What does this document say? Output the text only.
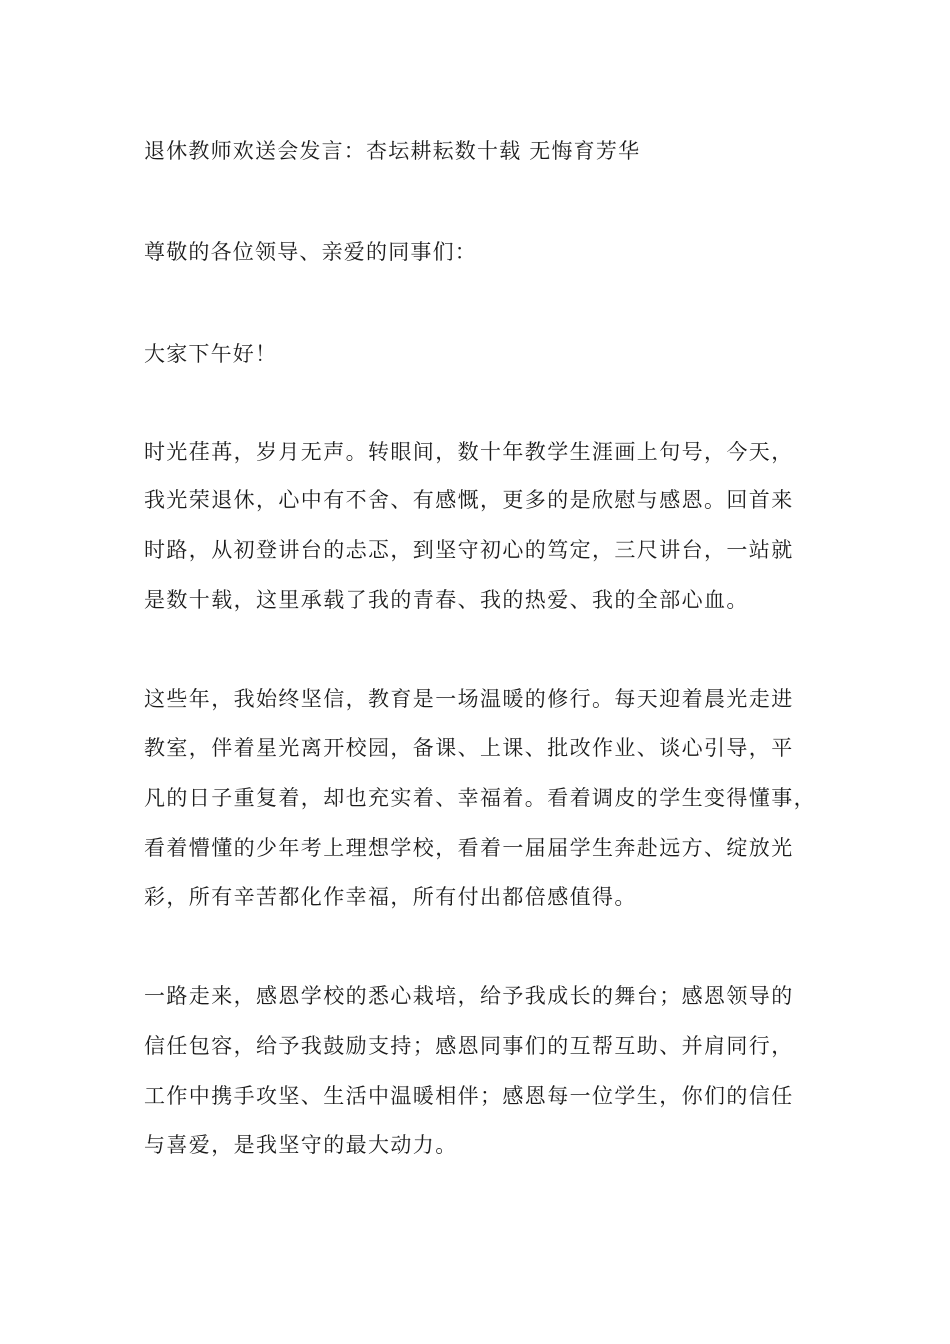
退休教师欢送会发言：杏坛耕耘数十载 无悔育芳华
尊敬的各位领导、亲爱的同事们：
大家下午好！
时光荏苒，岁月无声。转眼间，数十年教学生涯画上句号，今天，
我光荣退休，心中有不舍、有感慨，更多的是欣慰与感恩。回首来
时路，从初登讲台的忐忑，到坚守初心的笃定，三尺讲台，一站就
是数十载，这里承载了我的青春、我的热爱、我的全部心血。
这些年，我始终坚信，教育是一场温暖的修行。每天迎着晨光走进
教室，伴着星光离开校园，备课、上课、批改作业、谈心引导，平
凡的日子重复着，却也充实着、幸福着。看着调皮的学生变得懂事，
看着懵懂的少年考上理想学校，看着一届届学生奔赴远方、绽放光
彩，所有辛苦都化作幸福，所有付出都倍感值得。
一路走来，感恩学校的悉心栽培，给予我成长的舞台；感恩领导的
信任包容，给予我鼓励支持；感恩同事们的互帮互助、并肩同行，
工作中携手攻坚、生活中温暖相伴；感恩每一位学生，你们的信任
与喜爱，是我坚守的最大动力。
